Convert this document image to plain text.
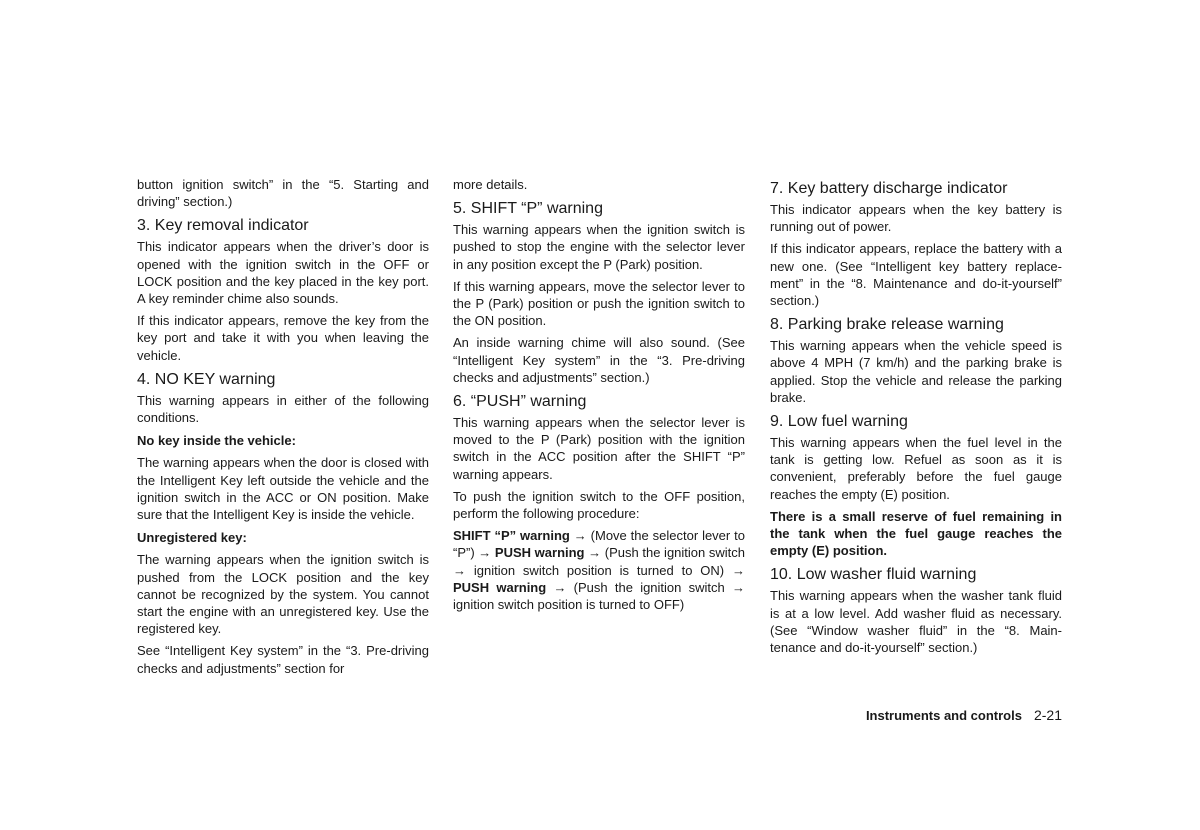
button ignition switch” in the “5. Starting and driving” section.)

3. Key removal indicator

This indicator appears when the driver’s door is opened with the ignition switch in the OFF or LOCK position and the key placed in the key port. A key reminder chime also sounds.

If this indicator appears, remove the key from the key port and take it with you when leaving the vehicle.

4. NO KEY warning

This warning appears in either of the following conditions.

No key inside the vehicle:

The warning appears when the door is closed with the Intelligent Key left outside the vehicle and the ignition switch in the ACC or ON position. Make sure that the Intelligent Key is inside the vehicle.

Unregistered key:

The warning appears when the ignition switch is pushed from the LOCK position and the key cannot be recognized by the system. You cannot start the engine with an unregistered key. Use the registered key.

See “Intelligent Key system” in the “3. Pre-driving checks and adjustments” section for

more details.

5. SHIFT “P” warning

This warning appears when the ignition switch is pushed to stop the engine with the selector lever in any position except the P (Park) position.

If this warning appears, move the selector lever to the P (Park) position or push the ignition switch to the ON position.

An inside warning chime will also sound. (See “Intelligent Key system” in the “3. Pre-driving checks and adjustments” section.)

6. “PUSH” warning

This warning appears when the selector lever is moved to the P (Park) position with the ignition switch in the ACC position after the SHIFT “P” warning appears.

To push the ignition switch to the OFF position, perform the following procedure:

SHIFT “P” warning → (Move the selector lever to “P”) → PUSH warning → (Push the ignition switch → ignition switch position is turned to ON) → PUSH warning → (Push the ignition switch → ignition switch position is turned to OFF)

7. Key battery discharge indicator

This indicator appears when the key battery is running out of power.

If this indicator appears, replace the battery with a new one. (See “Intelligent key battery replace-ment” in the “8. Maintenance and do-it-yourself” section.)

8. Parking brake release warning

This warning appears when the vehicle speed is above 4 MPH (7 km/h) and the parking brake is applied. Stop the vehicle and release the parking brake.

9. Low fuel warning

This warning appears when the fuel level in the tank is getting low. Refuel as soon as it is convenient, preferably before the fuel gauge reaches the empty (E) position.

There is a small reserve of fuel remaining in the tank when the fuel gauge reaches the empty (E) position.

10. Low washer fluid warning

This warning appears when the washer tank fluid is at a low level. Add washer fluid as necessary. (See “Window washer fluid” in the “8. Main-tenance and do-it-yourself” section.)

Instruments and controls 2-21
